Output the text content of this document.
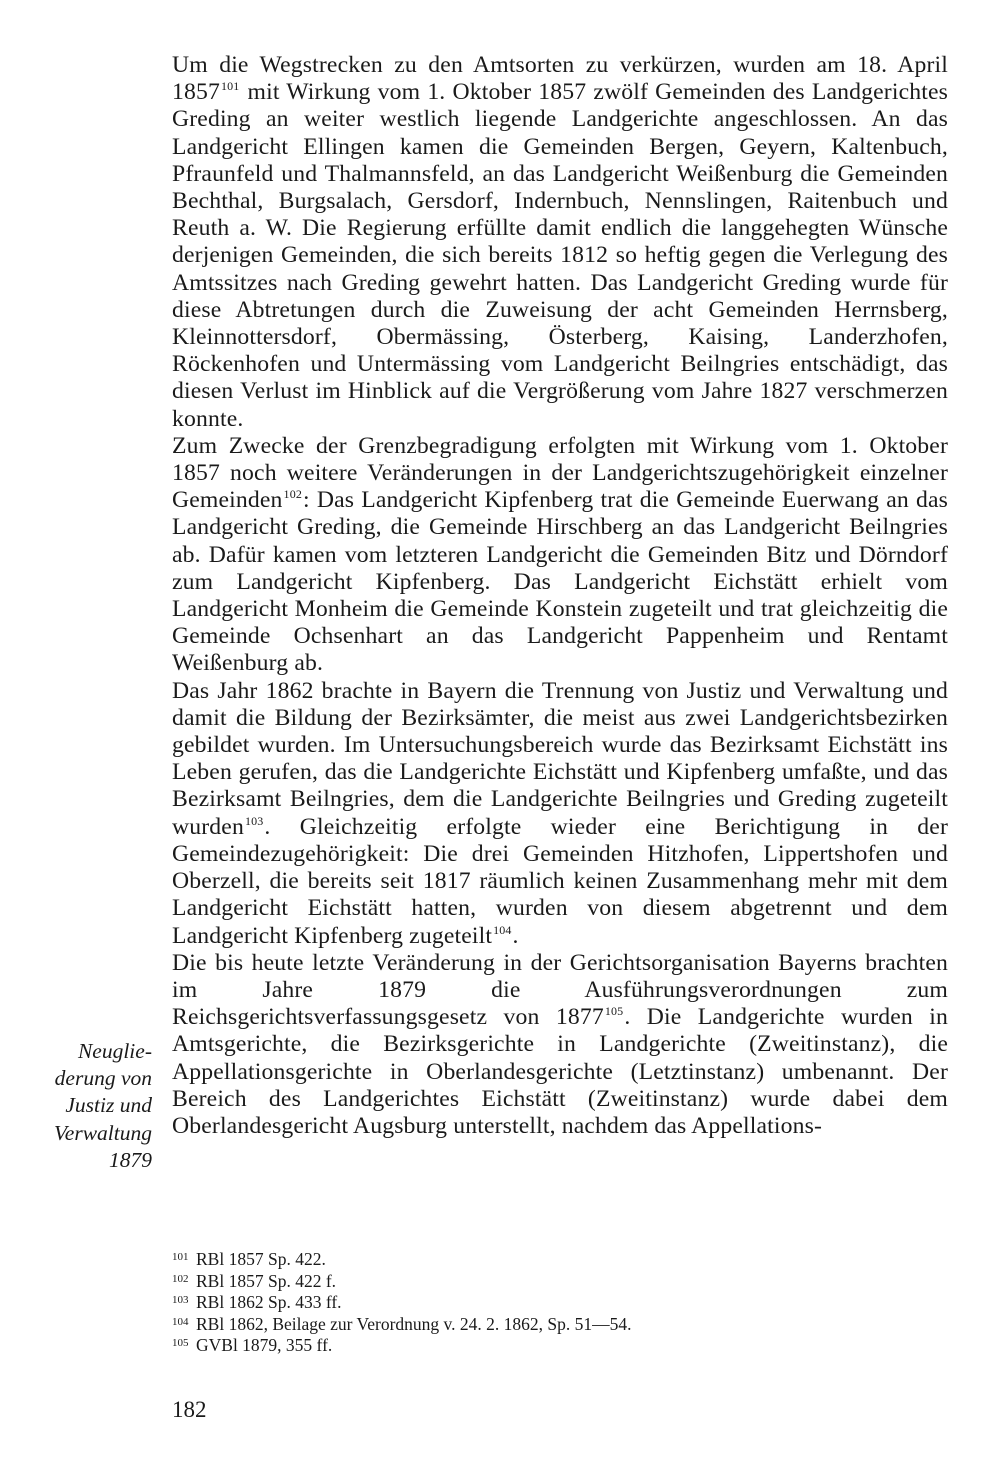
Um die Wegstrecken zu den Amtsorten zu verkürzen, wurden am 18. April 1857$^{101}$ mit Wirkung vom 1. Oktober 1857 zwölf Gemeinden des Landgerichtes Greding an weiter westlich liegende Landgerichte angeschlossen. An das Landgericht Ellingen kamen die Gemeinden Bergen, Geyern, Kaltenbuch, Pfraunfeld und Thalmannsfeld, an das Landgericht Weißenburg die Gemeinden Bechthal, Burgsalach, Gersdorf, Indernbuch, Nennslingen, Raitenbuch und Reuth a. W. Die Regierung erfüllte damit endlich die langgehegten Wünsche derjenigen Gemeinden, die sich bereits 1812 so heftig gegen die Verlegung des Amtssitzes nach Greding gewehrt hatten. Das Landgericht Greding wurde für diese Abtretungen durch die Zuweisung der acht Gemeinden Herrnsberg, Kleinnottersdorf, Obermässing, Österberg, Kaising, Landerzhofen, Röckenhofen und Untermässing vom Landgericht Beilngries entschädigt, das diesen Verlust im Hinblick auf die Vergrößerung vom Jahre 1827 verschmerzen konnte.

Zum Zwecke der Grenzbegradigung erfolgten mit Wirkung vom 1. Oktober 1857 noch weitere Veränderungen in der Landgerichtszugehörigkeit einzelner Gemeinden$^{102}$: Das Landgericht Kipfenberg trat die Gemeinde Euerwang an das Landgericht Greding, die Gemeinde Hirschberg an das Landgericht Beilngries ab. Dafür kamen vom letzteren Landgericht die Gemeinden Bitz und Dörndorf zum Landgericht Kipfenberg. Das Landgericht Eichstätt erhielt vom Landgericht Monheim die Gemeinde Konstein zugeteilt und trat gleichzeitig die Gemeinde Ochsenhart an das Landgericht Pappenheim und Rentamt Weißenburg ab.

Das Jahr 1862 brachte in Bayern die Trennung von Justiz und Verwaltung und damit die Bildung der Bezirksämter, die meist aus zwei Landgerichtsbezirken gebildet wurden. Im Untersuchungsbereich wurde das Bezirksamt Eichstätt ins Leben gerufen, das die Landgerichte Eichstätt und Kipfenberg umfaßte, und das Bezirksamt Beilngries, dem die Landgerichte Beilngries und Greding zugeteilt wurden$^{103}$. Gleichzeitig erfolgte wieder eine Berichtigung in der Gemeindezugehörigkeit: Die drei Gemeinden Hitzhofen, Lippertshofen und Oberzell, die bereits seit 1817 räumlich keinen Zusammenhang mehr mit dem Landgericht Eichstätt hatten, wurden von diesem abgetrennt und dem Landgericht Kipfenberg zugeteilt$^{104}$.

Die bis heute letzte Veränderung in der Gerichtsorganisation Bayerns brachten im Jahre 1879 die Ausführungsverordnungen zum Reichsgerichtsverfassungsgesetz von 1877$^{105}$. Die Landgerichte wurden in Amtsgerichte, die Bezirksgerichte in Landgerichte (Zweitinstanz), die Appellationsgerichte in Oberlandesgerichte (Letztinstanz) umbenannt. Der Bereich des Landgerichtes Eichstätt (Zweitinstanz) wurde dabei dem Oberlandesgericht Augsburg unterstellt, nachdem das Appellations-

Neuglie-
derung von
Justiz und
Verwaltung
1879
101 RBl 1857 Sp. 422.
102 RBl 1857 Sp. 422 f.
103 RBl 1862 Sp. 433 ff.
104 RBl 1862, Beilage zur Verordnung v. 24. 2. 1862, Sp. 51—54.
105 GVBl 1879, 355 ff.
182
